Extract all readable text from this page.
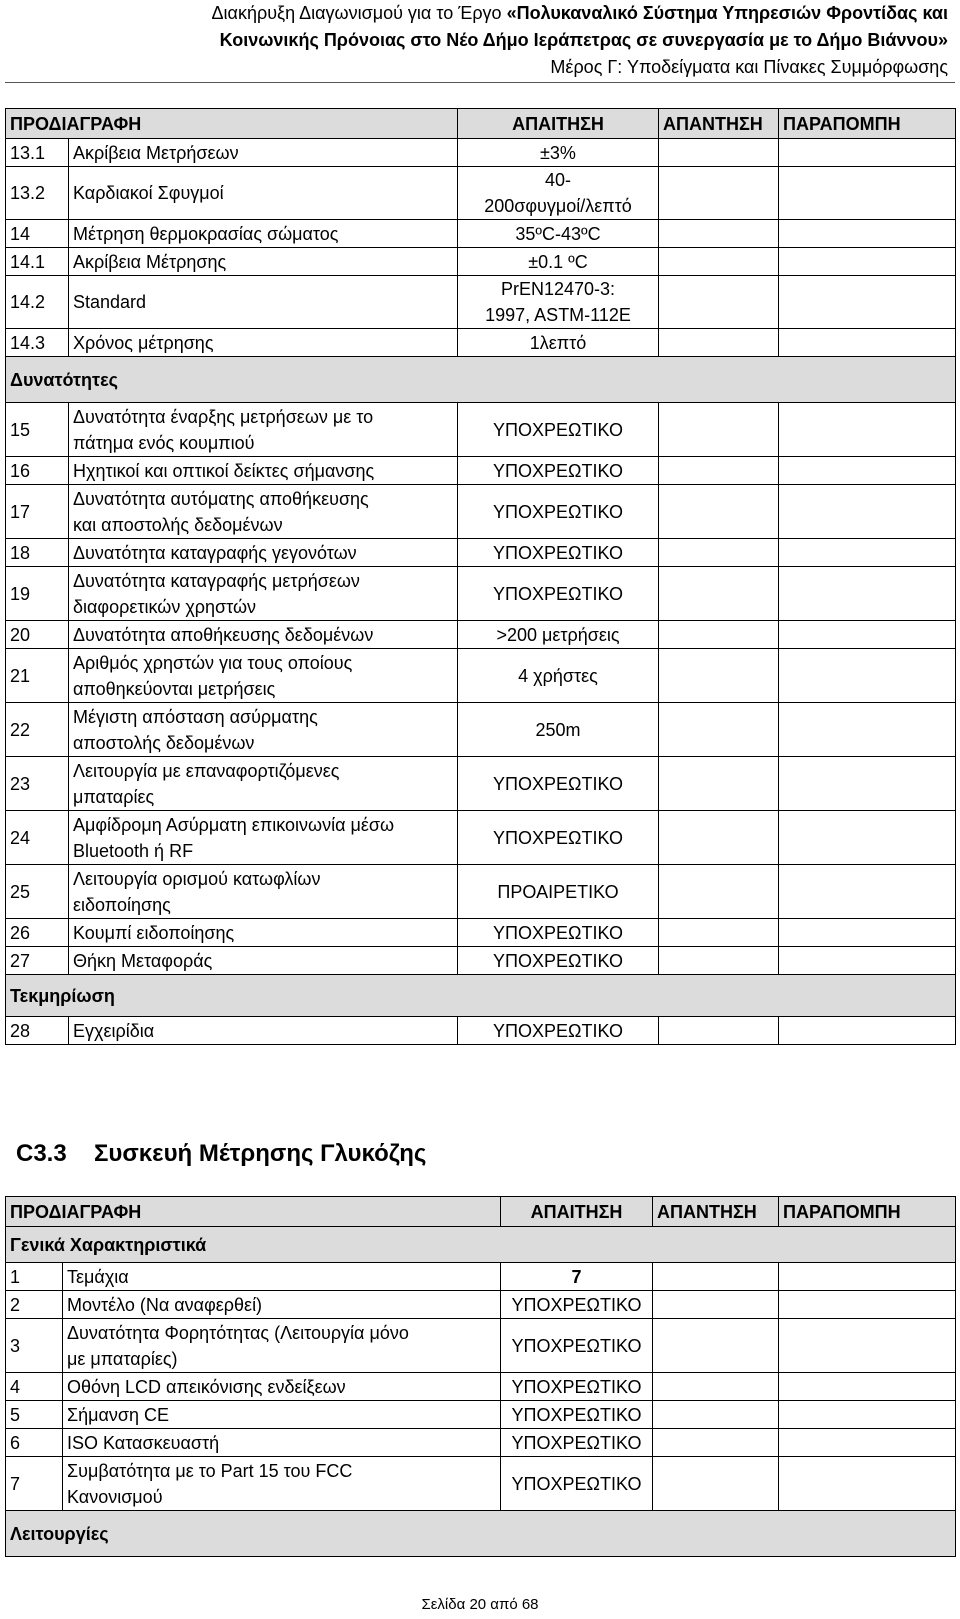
Διακήρυξη Διαγωνισμού για το Έργο «Πολυκαναλικό Σύστημα Υπηρεσιών Φροντίδας και
Κοινωνικής Πρόνοιας στο Νέο Δήμο Ιεράπετρας σε συνεργασία με το Δήμο Βιάννου»
Μέρος Γ: Υποδείγματα και Πίνακες Συμμόρφωσης
ΠΡΟΔΙΑΓΡΑΦΗ		ΑΠΑΙΤΗΣΗ	ΑΠΑΝΤΗΣΗ	ΠΑΡΑΠΟΜΠΗ
13.1	Ακρίβεια Μετρήσεων	±3%		
13.2	Καρδιακοί Σφυγμοί	40-
200σφυγμοί/λεπτό		
14	Μέτρηση θερμοκρασίας σώματος	35ºC-43ºC		
14.1	Ακρίβεια Μέτρησης	±0.1 ºC		
14.2	Standard	PrEN12470-3:
1997, ASTM-112E		
14.3	Χρόνος μέτρησης	1λεπτό		
Δυνατότητες				
15	Δυνατότητα έναρξης μετρήσεων με το
πάτημα ενός κουμπιού	ΥΠΟΧΡΕΩΤΙΚΟ		
16	Ηχητικοί και οπτικοί δείκτες σήμανσης	ΥΠΟΧΡΕΩΤΙΚΟ		
17	Δυνατότητα αυτόματης αποθήκευσης
και αποστολής δεδομένων	ΥΠΟΧΡΕΩΤΙΚΟ		
18	Δυνατότητα καταγραφής γεγονότων	ΥΠΟΧΡΕΩΤΙΚΟ		
19	Δυνατότητα καταγραφής μετρήσεων
διαφορετικών χρηστών	ΥΠΟΧΡΕΩΤΙΚΟ		
20	Δυνατότητα αποθήκευσης δεδομένων	>200 μετρήσεις		
21	Αριθμός χρηστών για τους οποίους
αποθηκεύονται μετρήσεις	4 χρήστες		
22	Μέγιστη απόσταση ασύρματης
αποστολής δεδομένων	250m		
23	Λειτουργία με επαναφορτιζόμενες
μπαταρίες	ΥΠΟΧΡΕΩΤΙΚΟ		
24	Αμφίδρομη Ασύρματη επικοινωνία μέσω
Bluetooth ή RF	ΥΠΟΧΡΕΩΤΙΚΟ		
25	Λειτουργία ορισμού κατωφλίων
ειδοποίησης	ΠΡΟΑΙΡΕΤΙΚΟ		
26	Κουμπί ειδοποίησης	ΥΠΟΧΡΕΩΤΙΚΟ		
27	Θήκη Μεταφοράς	ΥΠΟΧΡΕΩΤΙΚΟ		
Τεκμηρίωση				
28	Εγχειρίδια	ΥΠΟΧΡΕΩΤΙΚΟ		
C3.3 Συσκευή Μέτρησης Γλυκόζης
ΠΡΟΔΙΑΓΡΑΦΗ		ΑΠΑΙΤΗΣΗ	ΑΠΑΝΤΗΣΗ	ΠΑΡΑΠΟΜΠΗ
Γενικά Χαρακτηριστικά				
1	Τεμάχια	7		
2	Μοντέλο (Να αναφερθεί)	ΥΠΟΧΡΕΩΤΙΚΟ		
3	Δυνατότητα Φορητότητας (Λειτουργία μόνο
με μπαταρίες)	ΥΠΟΧΡΕΩΤΙΚΟ		
4	Οθόνη LCD απεικόνισης ενδείξεων	ΥΠΟΧΡΕΩΤΙΚΟ		
5	Σήμανση CE	ΥΠΟΧΡΕΩΤΙΚΟ		
6	ISO Κατασκευαστή	ΥΠΟΧΡΕΩΤΙΚΟ		
7	Συμβατότητα με το Part 15 του FCC
Κανονισμού	ΥΠΟΧΡΕΩΤΙΚΟ		
Λειτουργίες				
Σελίδα 20 από 68
